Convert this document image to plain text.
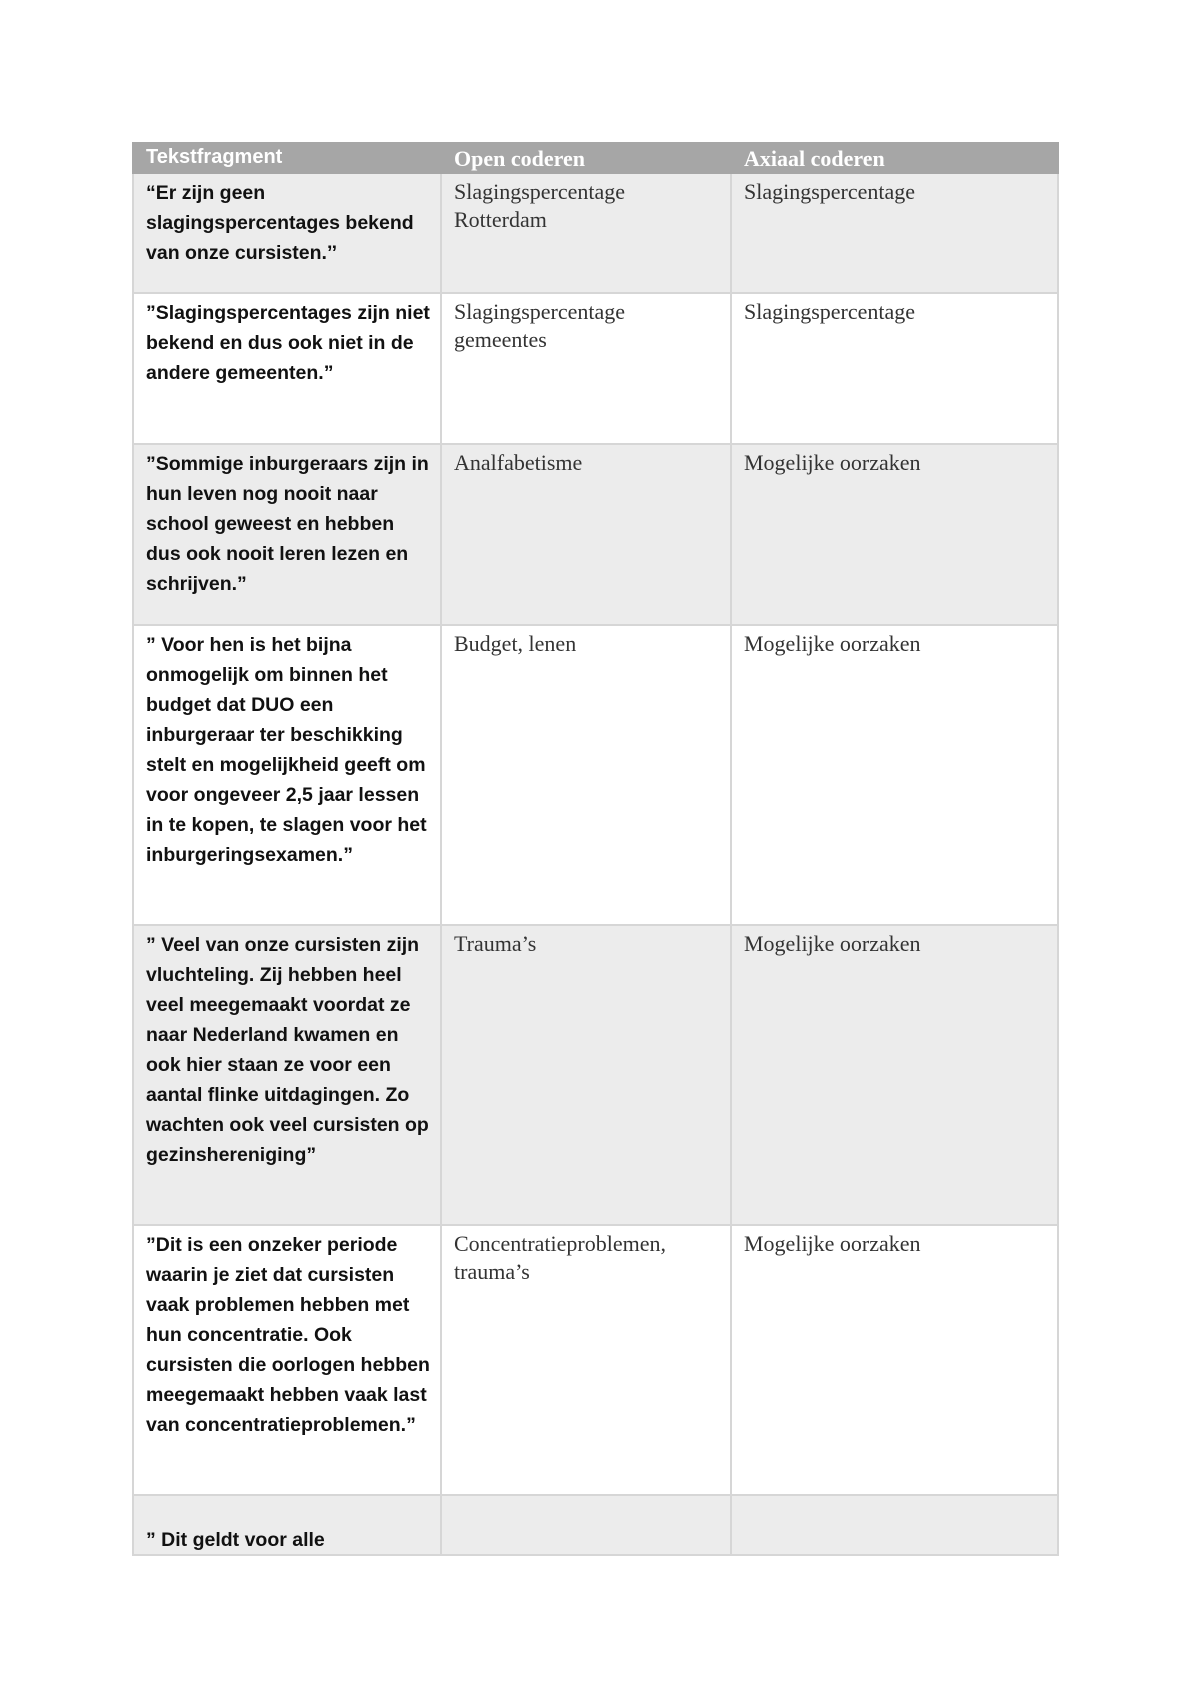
Tekstfragment	Open coderen	Axiaal coderen
“Er zijn geen slagingspercentages bekend van onze cursisten.’’	Slagingspercentage Rotterdam	Slagingspercentage
”Slagingspercentages zijn niet bekend en dus ook niet in de andere gemeenten.”	Slagingspercentage gemeentes	Slagingspercentage
”Sommige inburgeraars zijn in hun leven nog nooit naar school geweest en hebben dus ook nooit leren lezen en schrijven.”	Analfabetisme	Mogelijke oorzaken
” Voor hen is het bijna onmogelijk om binnen het budget dat DUO een inburgeraar ter beschikking stelt en mogelijkheid geeft om voor ongeveer 2,5 jaar lessen in te kopen, te slagen voor het inburgeringsexamen.”	Budget, lenen	Mogelijke oorzaken
” Veel van onze cursisten zijn vluchteling. Zij hebben heel veel meegemaakt voordat ze naar Nederland kwamen en ook hier staan ze voor een aantal flinke uitdagingen. Zo wachten ook veel cursisten op gezinshereniging”	Trauma’s	Mogelijke oorzaken
”Dit is een onzeker periode waarin je ziet dat cursisten vaak problemen hebben met hun concentratie. Ook cursisten die oorlogen hebben meegemaakt hebben vaak last van concentratieproblemen.”	Concentratieproblemen, trauma’s	Mogelijke oorzaken
” Dit geldt voor alle		
